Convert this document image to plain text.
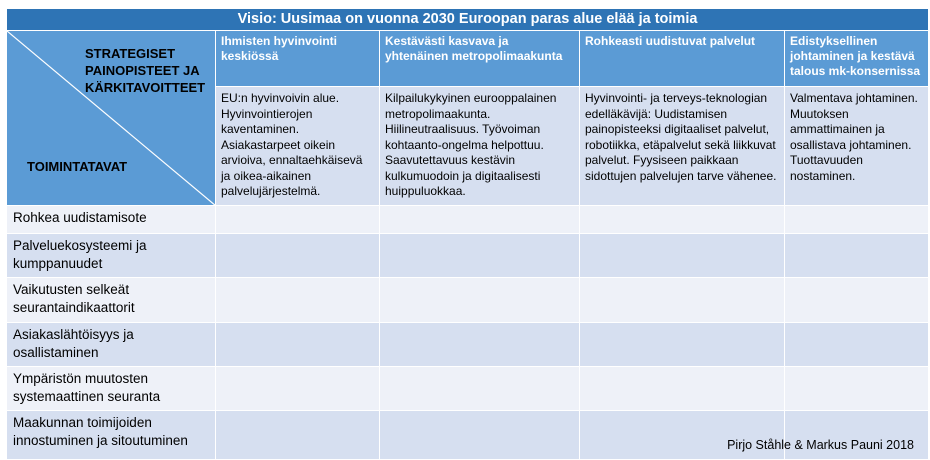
Visio: Uusimaa on vuonna 2030 Euroopan paras alue elää ja toimia				

STRATEGISET PAINOPISTEET JA KÄRKITAVOITTEET
TOIMINTATAVAT	Ihmisten hyvinvointi keskiössä	Kestävästi kasvava ja yhtenäinen metropolimaakunta	Rohkeasti uudistuvat palvelut	Edistyksellinen johtaminen ja kestävä talous mk-konsernissa

	EU:n hyvinvoivin alue. Hyvinvointierojen kaventaminen. Asiakastarpeet oikein arvioiva, ennaltaehkäisevä ja oikea-aikainen palvelujärjestelmä.	Kilpailukykyinen eurooppalainen metropolimaakunta. Hiilineutraalisuus. Työvoiman kohtaanto-ongelma helpottuu. Saavutettavuus kestävin kulkumuodoin ja digitaalisesti huippuluokkaa.	Hyvinvointi- ja terveys-teknologian edelläkävijä: Uudistamisen painopisteeksi digitaaliset palvelut, robotiikka, etäpalvelut sekä liikkuvat palvelut. Fyysiseen paikkaan sidottujen palvelujen tarve vähenee.	Valmentava johtaminen. Muutoksen ammattimainen ja osallistava johtaminen. Tuottavuuden nostaminen.

Rohkea uudistamisote				

Palveluekosysteemi ja kumppanuudet				

Vaikutusten selkeät seurantaindikaattorit				

Asiakaslähtöisyys ja osallistaminen				

Ympäristön muutosten systemaattinen seuranta				

Maakunnan toimijoiden innostuminen ja sitoutuminen				
					Pirjo Ståhle & Markus Pauni 2018
